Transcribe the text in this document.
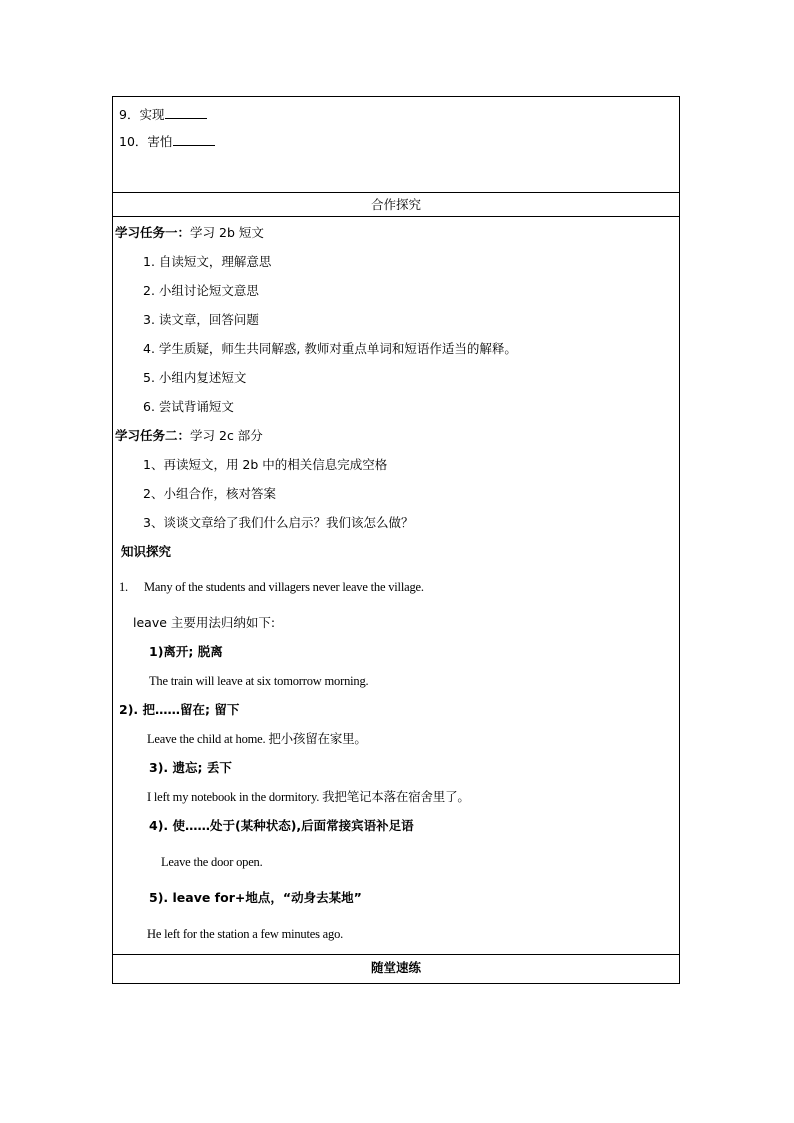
9．实现
10．害怕
合作探究
学习任务一：学习 2b 短文
1. 自读短文，理解意思
2. 小组讨论短文意思
3. 读文章，回答问题
4. 学生质疑，师生共同解惑, 教师对重点单词和短语作适当的解释。
5. 小组内复述短文
6. 尝试背诵短文
学习任务二：学习 2c 部分
1、再读短文，用 2b 中的相关信息完成空格
2、小组合作，核对答案
3、谈谈文章给了我们什么启示？我们该怎么做？
知识探究
1. Many of the students and villagers never leave the village.
leave 主要用法归纳如下:
1)离开; 脱离
The train will leave at six tomorrow morning.
2). 把……留在; 留下
Leave the child at home. 把小孩留在家里。
3). 遗忘; 丢下
I left my notebook in the dormitory. 我把笔记本落在宿舍里了。
4). 使……处于(某种状态),后面常接宾语补足语
Leave the door open.
5). leave for+地点，“动身去某地”
He left for the station a few minutes ago.
随堂速练
